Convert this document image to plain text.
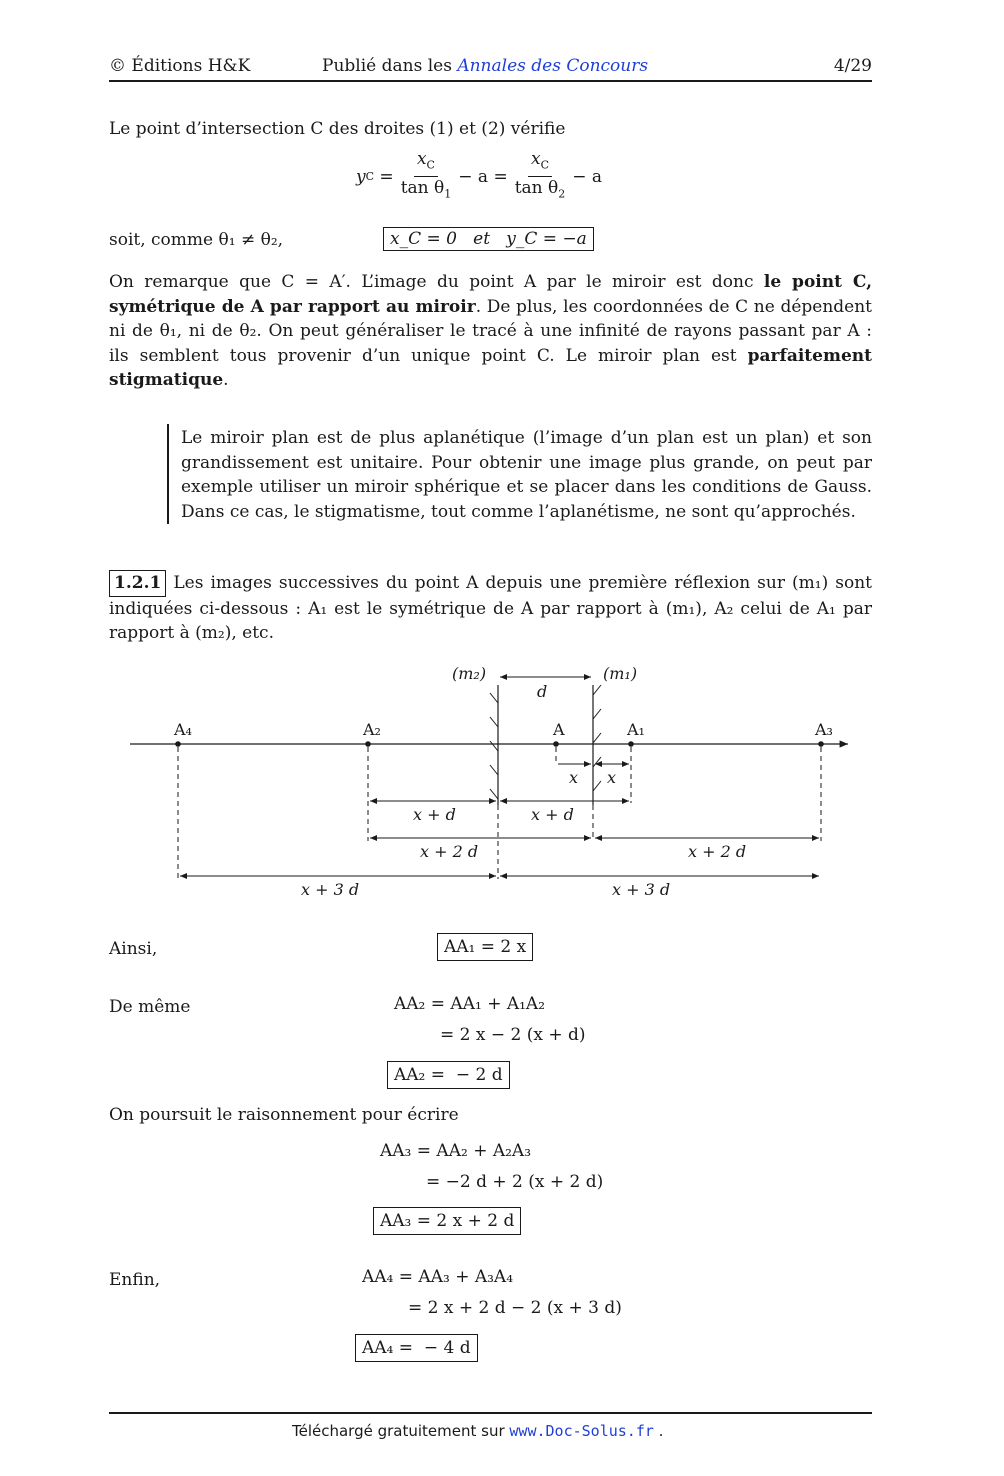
© Éditions H&K	Publié dans les Annales des Concours	4/29
Le point d’intersection C des droites (1) et (2) vérifie
y $C = \frac{x_C}{\tan \theta_1} - a = \frac{x_C}{\tan \theta_2} - a$
soit, comme θ₁ ≠ θ₂,	x_C = 0   et   y_C = −a
On remarque que C = A′. L’image du point A par le miroir est donc le point C, symétrique de A par rapport au miroir. De plus, les coordonnées de C ne dépendent ni de θ₁, ni de θ₂. On peut généraliser le tracé à une infinité de rayons passant par A : ils semblent tous provenir d’un unique point C. Le miroir plan est parfaitement stigmatique.
Le miroir plan est de plus aplanétique (l’image d’un plan est un plan) et son grandissement est unitaire. Pour obtenir une image plus grande, on peut par exemple utiliser un miroir sphérique et se placer dans les conditions de Gauss. Dans ce cas, le stigmatisme, tout comme l’aplanétisme, ne sont qu’approchés.
1.2.1 Les images successives du point A depuis une première réflexion sur (m₁) sont indiquées ci-dessous : A₁ est le symétrique de A par rapport à (m₁), A₂ celui de A₁ par rapport à (m₂), etc.
(m₂)	(m₁)
d
A₄	A₂	A	A₁	A₃
x x
x + d	x + d
x + 2 d	x + 2 d
x + 3 d	x + 3 d
Ainsi,	AA₁ = 2 x
De même	AA₂ = AA₁ + A₁A₂
= 2 x − 2 (x + d)
AA₂ =  − 2 d
On poursuit le raisonnement pour écrire
AA₃ = AA₂ + A₂A₃
= −2 d + 2 (x + 2 d)
AA₃ = 2 x + 2 d
Enfin,	AA₄ = AA₃ + A₃A₄
= 2 x + 2 d − 2 (x + 3 d)
AA₄ =  − 4 d
Téléchargé gratuitement sur www.Doc-Solus.fr .
